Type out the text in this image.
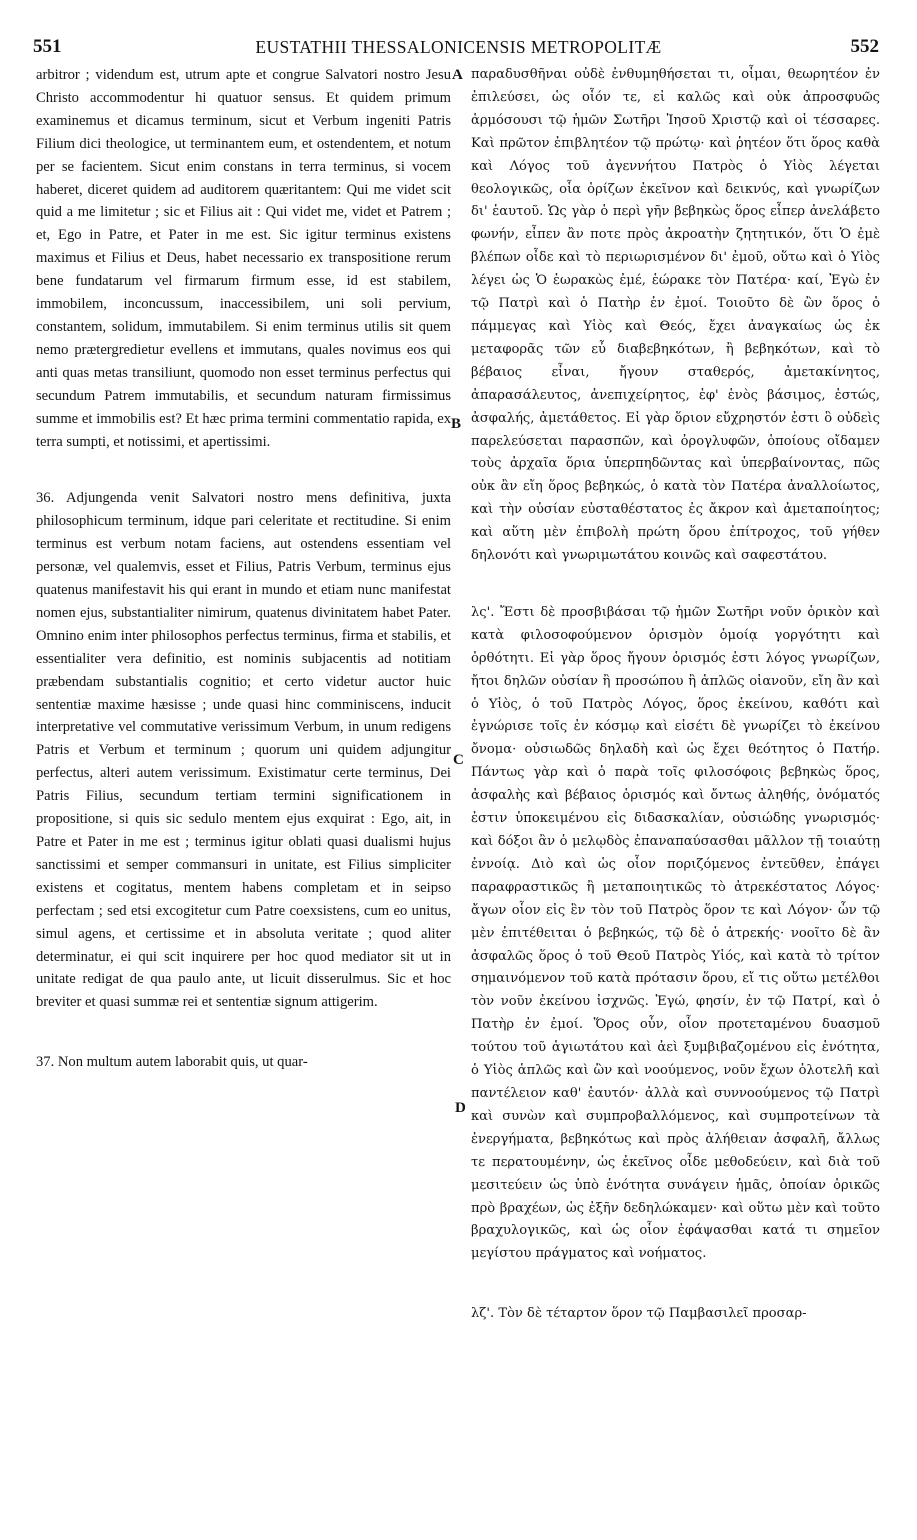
551	EUSTATHII THESSALONICENSIS METROPOLITÆ	552

arbitror ; videndum est, utrum apte et congrue Salvatori nostro Jesu Christo accommodentur hi quatuor sensus. Et quidem primum examinemus et dicamus terminum, sicut et Verbum ingeniti Patris Filium dici theologice, ut terminantem eum, et ostendentem, et notum per se facientem. Sicut enim constans in terra terminus, si vocem haberet, diceret quidem ad auditorem quæritantem: Qui me videt scit quid a me limitetur ; sic et Filius ait : Qui videt me, videt et Patrem ; et, Ego in Patre, et Pater in me est. Sic igitur terminus existens maximus et Filius et Deus, habet necessario ex transpositione rerum bene fundatarum vel firmarum firmum esse, id est stabilem, immobilem, inconcussum, inaccessibilem, uni soli pervium, constantem, solidum, immutabilem. Si enim terminus utilis sit quem nemo prætergredietur evellens et immutans, quales novimus eos qui anti quas metas transiliunt, quomodo non esset terminus perfectus qui secundum Patrem immutabilis, et secundum naturam firmissimus summe et immobilis est? Et hæc prima termini commentatio rapida, ex terra sumpti, et notissimi, et apertissimi.

36. Adjungenda venit Salvatori nostro mens definitiva, juxta philosophicum terminum, idque pari celeritate et rectitudine. Si enim terminus est verbum notam faciens, aut ostendens essentiam vel personæ, vel qualemvis, esset et Filius, Patris Verbum, terminus ejus quatenus manifestavit his qui erant in mundo et etiam nunc manifestat nomen ejus, substantialiter nimirum, quatenus divinitatem habet Pater. Omnino enim inter philosophos perfectus terminus, firma et stabilis, et essentialiter vera definitio, est nominis subjacentis ad notitiam præbendam substantialis cognitio; et certo videtur auctor huic sententiæ maxime hæsisse ; unde quasi hinc comminiscens, inducit interpretative vel commutative verissimum Verbum, in unum redigens Patris et Verbum et terminum ; quorum uni quidem adjungitur perfectus, alteri autem verissimum. Existimatur certe terminus, Dei Patris Filius, secundum tertiam termini significationem in propositione, si quis sic sedulo mentem ejus exquirat : Ego, ait, in Patre et Pater in me est ; terminus igitur oblati quasi dualismi hujus sanctissimi et semper commansuri in unitate, est Filius simpliciter existens et cogitatus, mentem habens completam et in seipso perfectam ; sed etsi excogitetur cum Patre coexsistens, cum eo unitus, simul agens, et certissime et in absoluta veritate ; quod aliter determinatur, ei qui scit inquirere per hoc quod mediator sit ut in unitate redigat de qua paulo ante, ut licuit disserulmus. Sic et hoc breviter et quasi summæ rei et sententiæ signum attigerim.

37. Non multum autem laborabit quis, ut quar-

A
B
C
D

παραδυσθῆναι οὐδὲ ἐνθυμηθήσεται τι, οἶμαι, θεωρητέον ἐν ἐπιλεύσει, ὡς οἷόν τε, εἰ καλῶς καὶ οὐκ ἀπροσφυῶς ἁρμόσουσι τῷ ἡμῶν Σωτῆρι Ἰησοῦ Χριστῷ καὶ οἱ τέσσαρες. Καὶ πρῶτον ἐπιβλητέον τῷ πρώτῳ· καὶ ῥητέον ὅτι ὅρος καθὰ καὶ Λόγος τοῦ ἀγεννήτου Πατρὸς ὁ Υἱὸς λέγεται θεολογικῶς, οἷα ὁρίζων ἐκεῖνον καὶ δεικνύς, καὶ γνωρίζων δι' ἑαυτοῦ. Ὡς γὰρ ὁ περὶ γῆν βεβηκὼς ὅρος εἶπερ ἀνελάβετο φωνήν, εἶπεν ἂν ποτε πρὸς ἀκροατὴν ζητητικόν, ὅτι Ὁ ἐμὲ βλέπων οἶδε καὶ τὸ περιωρισμένον δι' ἐμοῦ, οὕτω καὶ ὁ Υἱὸς λέγει ὡς Ὁ ἑωρακὼς ἐμέ, ἑώρακε τὸν Πατέρα· καί, Ἐγὼ ἐν τῷ Πατρὶ καὶ ὁ Πατὴρ ἐν ἐμοί. Τοιοῦτο δὲ ὢν ὅρος ὁ πάμμεγας καὶ Υἱὸς καὶ Θεός, ἔχει ἀναγκαίως ὡς ἐκ μεταφορᾶς τῶν εὖ διαβεβηκότων, ἢ βεβηκότων, καὶ τὸ βέβαιος εἶναι, ἤγουν σταθερός, ἀμετακίνητος, ἀπαρασάλευτος, ἀνεπιχείρητος, ἐφ' ἑνὸς βάσιμος, ἐστώς, ἀσφαλής, ἀμετάθετος. Εἰ γὰρ ὅριον εὔχρηστόν ἐστι ὃ οὐδεὶς παρελεύσεται παρασπῶν, καὶ ὀρογλυφῶν, ὁποίους οἴδαμεν τοὺς ἀρχαῖα ὅρια ὑπερπηδῶντας καὶ ὑπερβαίνοντας, πῶς οὐκ ἂν εἴη ὅρος βεβηκώς, ὁ κατὰ τὸν Πατέρα ἀναλλοίωτος, καὶ τὴν οὐσίαν εὐσταθέστατος ἐς ἄκρον καὶ ἀμεταποίητος; καὶ αὕτη μὲν ἐπιβολὴ πρώτη ὅρου ἐπίτροχος, τοῦ γήθεν δηλονότι καὶ γνωριμωτάτου κοινῶς καὶ σαφεστάτου.

λς'. Ἔστι δὲ προσβιβάσαι τῷ ἡμῶν Σωτῆρι νοῦν ὁρικὸν καὶ κατὰ φιλοσοφούμενον ὁρισμὸν ὁμοίᾳ γοργότητι καὶ ὀρθότητι. Εἰ γὰρ ὅρος ἤγουν ὁρισμός ἐστι λόγος γνωρίζων, ἤτοι δηλῶν οὐσίαν ἢ προσώπου ἢ ἁπλῶς οἱανοῦν, εἴη ἂν καὶ ὁ Υἱὸς, ὁ τοῦ Πατρὸς Λόγος, ὅρος ἐκείνου, καθότι καὶ ἐγνώρισε τοῖς ἐν κόσμῳ καὶ εἰσέτι δὲ γνωρίζει τὸ ἐκείνου ὄνομα· οὐσιωδῶς δηλαδὴ καὶ ὡς ἔχει θεότητος ὁ Πατήρ. Πάντως γὰρ καὶ ὁ παρὰ τοῖς φιλοσόφοις βεβηκὼς ὅρος, ἀσφαλὴς καὶ βέβαιος ὁρισμός καὶ ὄντως ἀληθής, ὀνόματός ἐστιν ὑποκειμένου εἰς διδασκαλίαν, οὐσιώδης γνωρισμός· καὶ δόξοι ἂν ὁ μελῳδὸς ἐπαναπαύσασθαι μᾶλλον τῇ τοιαύτῃ ἐννοίᾳ. Διὸ καὶ ὡς οἷον ποριζόμενος ἐντεῦθεν, ἐπάγει παραφραστικῶς ἢ μεταποιητικῶς τὸ ἀτρεκέστατος Λόγος· ἄγων οἷον εἰς ἓν τὸν τοῦ Πατρὸς ὅρον τε καὶ Λόγον· ὧν τῷ μὲν ἐπιτέθειται ὁ βεβηκώς, τῷ δὲ ὁ ἀτρεκής· νοοῖτο δὲ ἂν ἀσφαλῶς ὅρος ὁ τοῦ Θεοῦ Πατρὸς Υἱός, καὶ κατὰ τὸ τρίτον σημαινόμενον τοῦ κατὰ πρότασιν ὅρου, εἴ τις οὕτω μετέλθοι τὸν νοῦν ἐκείνου ἰσχνῶς. Ἐγώ, φησίν, ἐν τῷ Πατρί, καὶ ὁ Πατὴρ ἐν ἐμοί. Ὅρος οὖν, οἷον προτεταμένου δυασμοῦ τούτου τοῦ ἁγιωτάτου καὶ ἀεὶ ξυμβιβαζομένου εἰς ἑνότητα, ὁ Υἱὸς ἁπλῶς καὶ ὢν καὶ νοούμενος, νοῦν ἔχων ὁλοτελῆ καὶ παντέλειον καθ' ἑαυτόν· ἀλλὰ καὶ συννοούμενος τῷ Πατρὶ καὶ συνὼν καὶ συμπροβαλλόμενος, καὶ συμπροτείνων τὰ ἐνεργήματα, βεβηκότως καὶ πρὸς ἀλήθειαν ἀσφαλῆ, ἄλλως τε περατουμένην, ὡς ἐκεῖνος οἶδε μεθοδεύειν, καὶ διὰ τοῦ μεσιτεύειν ὡς ὑπὸ ἑνότητα συνάγειν ἡμᾶς, ὁποίαν ὁρικῶς πρὸ βραχέων, ὡς ἐξῆν δεδηλώκαμεν· καὶ οὕτω μὲν καὶ τοῦτο βραχυλογικῶς, καὶ ὡς οἷον ἐφάψασθαι κατά τι σημεῖον μεγίστου πράγματος καὶ νοήματος.

λζ'. Τὸν δὲ τέταρτον ὅρον τῷ Παμβασιλεῖ προσαρ-
